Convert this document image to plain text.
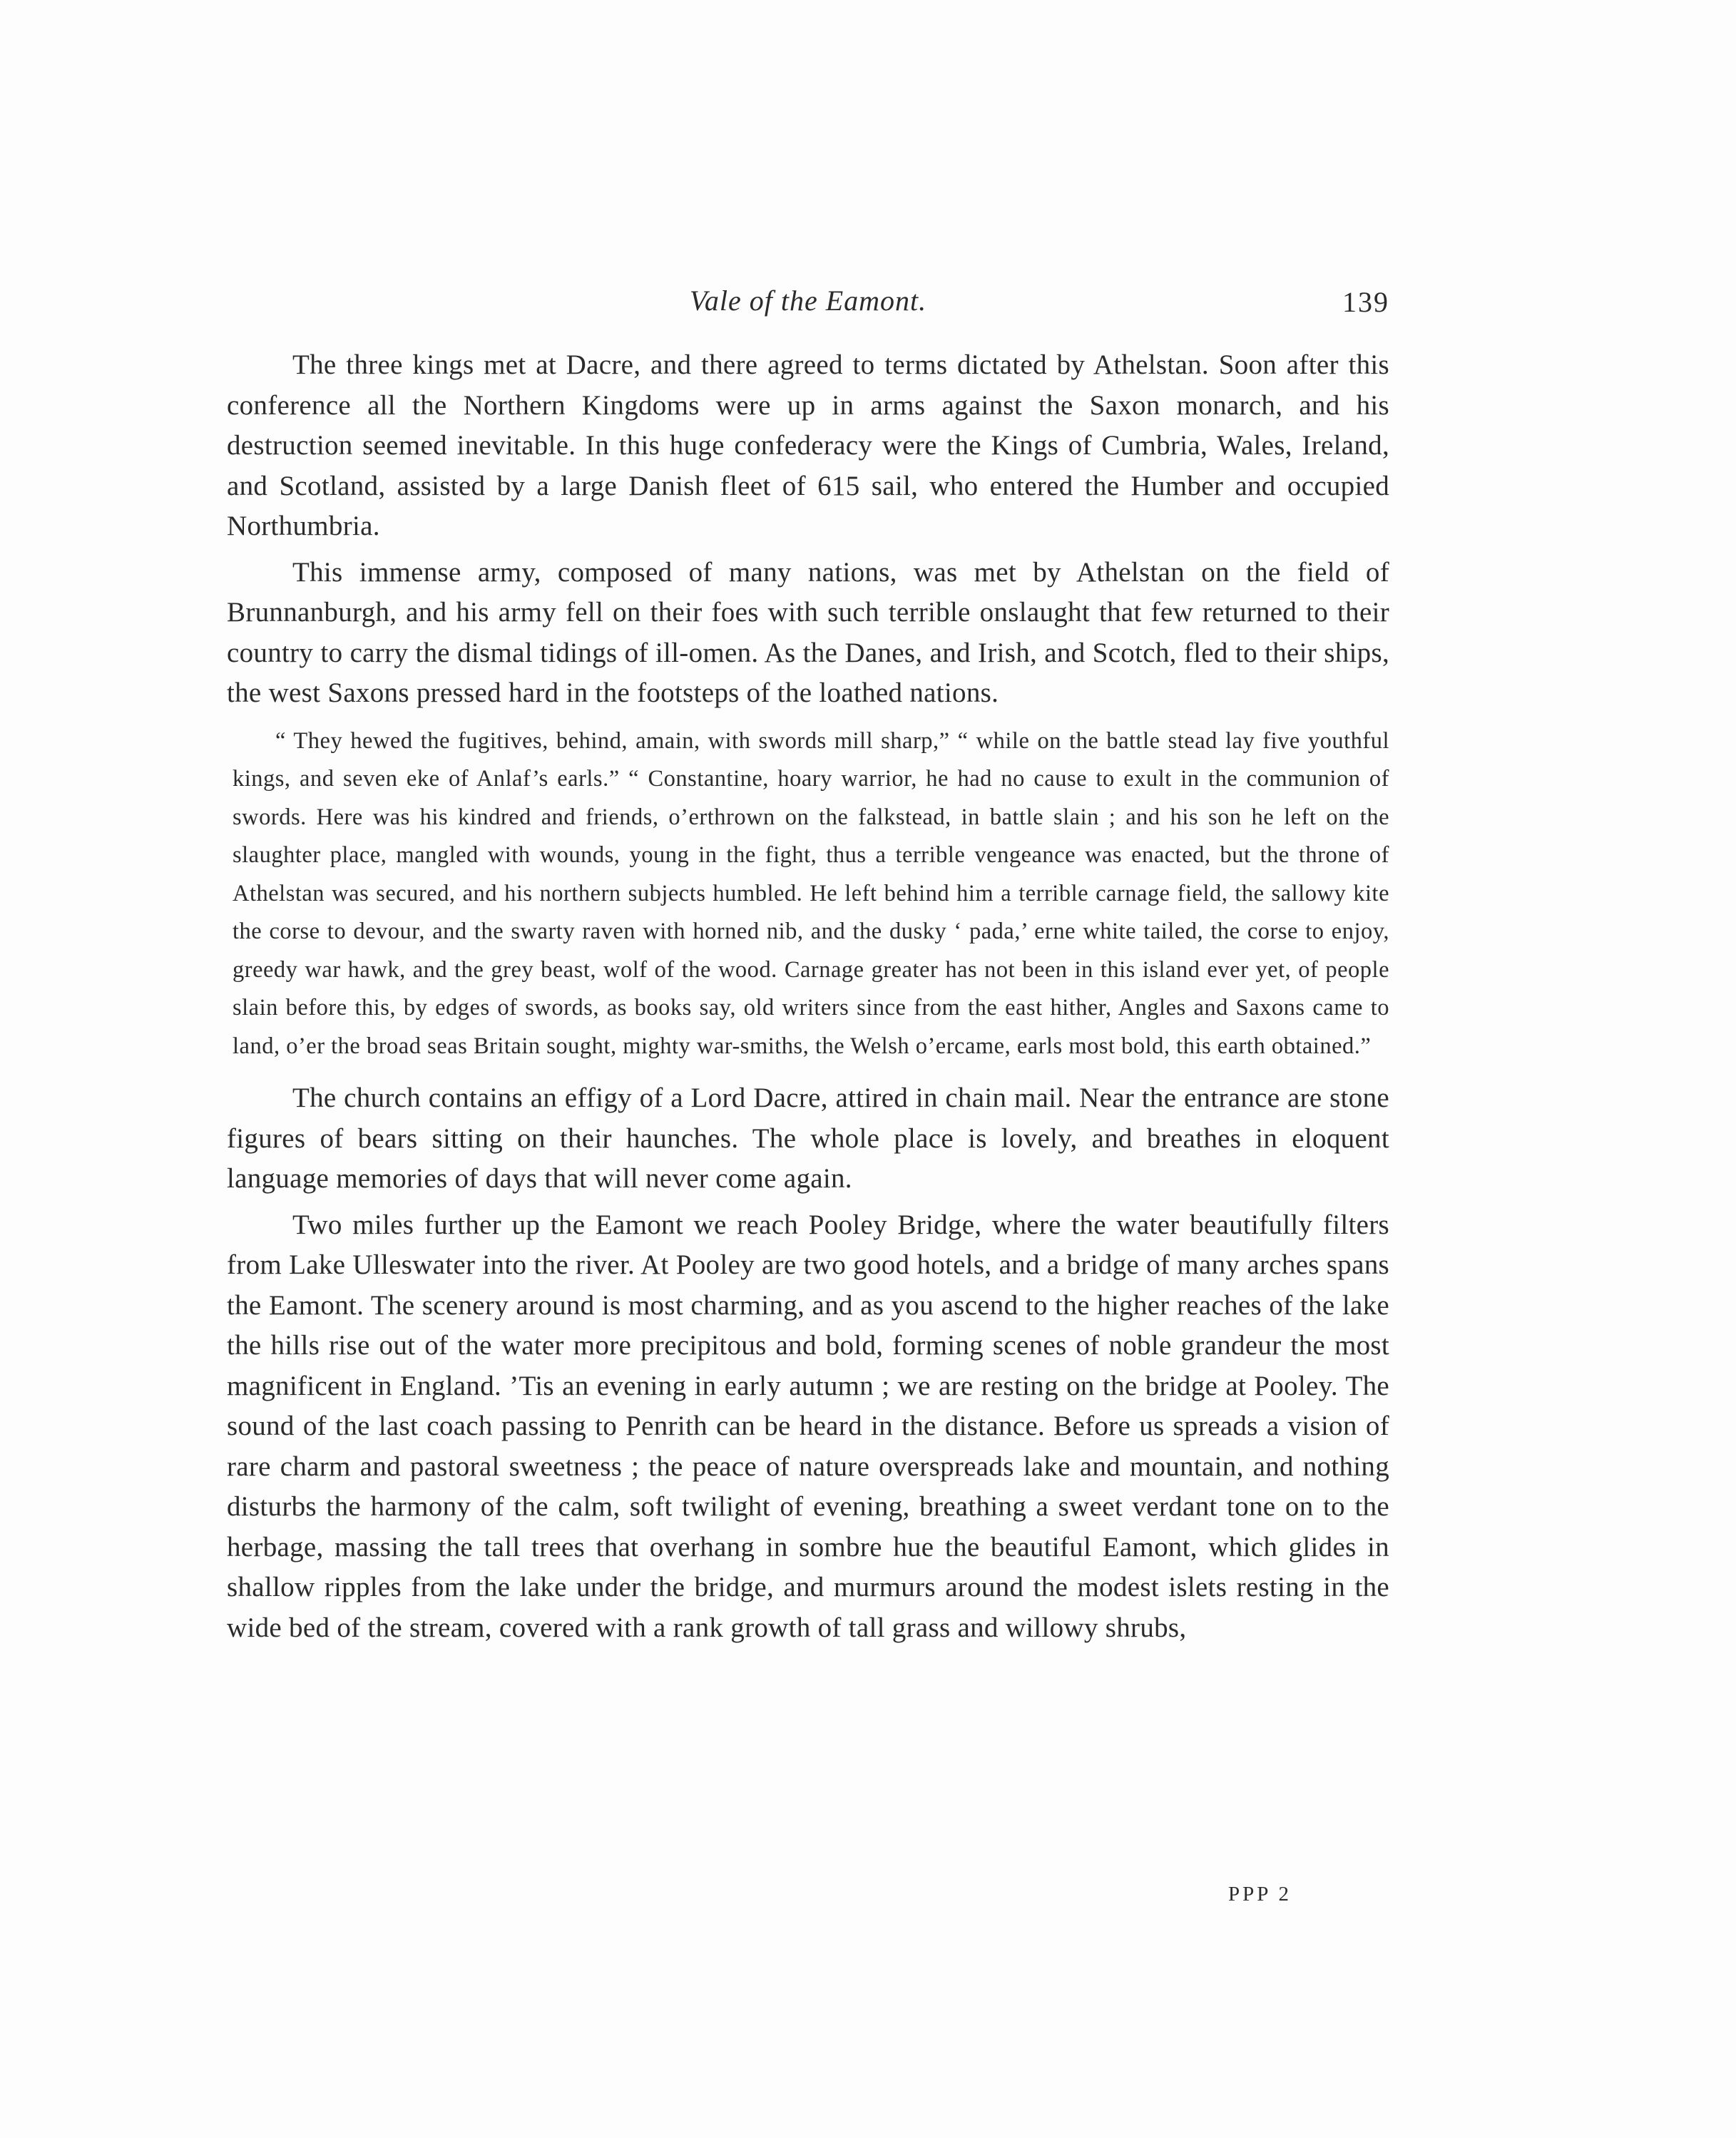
Vale of the Eamont.	139

The three kings met at Dacre, and there agreed to terms dictated by Athelstan. Soon after this conference all the Northern Kingdoms were up in arms against the Saxon monarch, and his destruction seemed inevitable. In this huge confederacy were the Kings of Cumbria, Wales, Ireland, and Scotland, assisted by a large Danish fleet of 615 sail, who entered the Humber and occupied Northumbria.

This immense army, composed of many nations, was met by Athelstan on the field of Brunnanburgh, and his army fell on their foes with such terrible onslaught that few returned to their country to carry the dismal tidings of ill-omen. As the Danes, and Irish, and Scotch, fled to their ships, the west Saxons pressed hard in the footsteps of the loathed nations.

“ They hewed the fugitives, behind, amain, with swords mill sharp,” “ while on the battle stead lay five youthful kings, and seven eke of Anlaf’s earls.” “ Constantine, hoary warrior, he had no cause to exult in the communion of swords. Here was his kindred and friends, o’erthrown on the falkstead, in battle slain ; and his son he left on the slaughter place, mangled with wounds, young in the fight, thus a terrible vengeance was enacted, but the throne of Athelstan was secured, and his northern subjects humbled. He left behind him a terrible carnage field, the sallowy kite the corse to devour, and the swarty raven with horned nib, and the dusky ‘ pada,’ erne white tailed, the corse to enjoy, greedy war hawk, and the grey beast, wolf of the wood. Carnage greater has not been in this island ever yet, of people slain before this, by edges of swords, as books say, old writers since from the east hither, Angles and Saxons came to land, o’er the broad seas Britain sought, mighty war-smiths, the Welsh o’ercame, earls most bold, this earth obtained.”

The church contains an effigy of a Lord Dacre, attired in chain mail. Near the entrance are stone figures of bears sitting on their haunches. The whole place is lovely, and breathes in eloquent language memories of days that will never come again.

Two miles further up the Eamont we reach Pooley Bridge, where the water beautifully filters from Lake Ulleswater into the river. At Pooley are two good hotels, and a bridge of many arches spans the Eamont. The scenery around is most charming, and as you ascend to the higher reaches of the lake the hills rise out of the water more precipitous and bold, forming scenes of noble grandeur the most magnificent in England. ’Tis an evening in early autumn ; we are resting on the bridge at Pooley. The sound of the last coach passing to Penrith can be heard in the distance. Before us spreads a vision of rare charm and pastoral sweetness ; the peace of nature overspreads lake and mountain, and nothing disturbs the harmony of the calm, soft twilight of evening, breathing a sweet verdant tone on to the herbage, massing the tall trees that overhang in sombre hue the beautiful Eamont, which glides in shallow ripples from the lake under the bridge, and murmurs around the modest islets resting in the wide bed of the stream, covered with a rank growth of tall grass and willowy shrubs,

PPP 2
